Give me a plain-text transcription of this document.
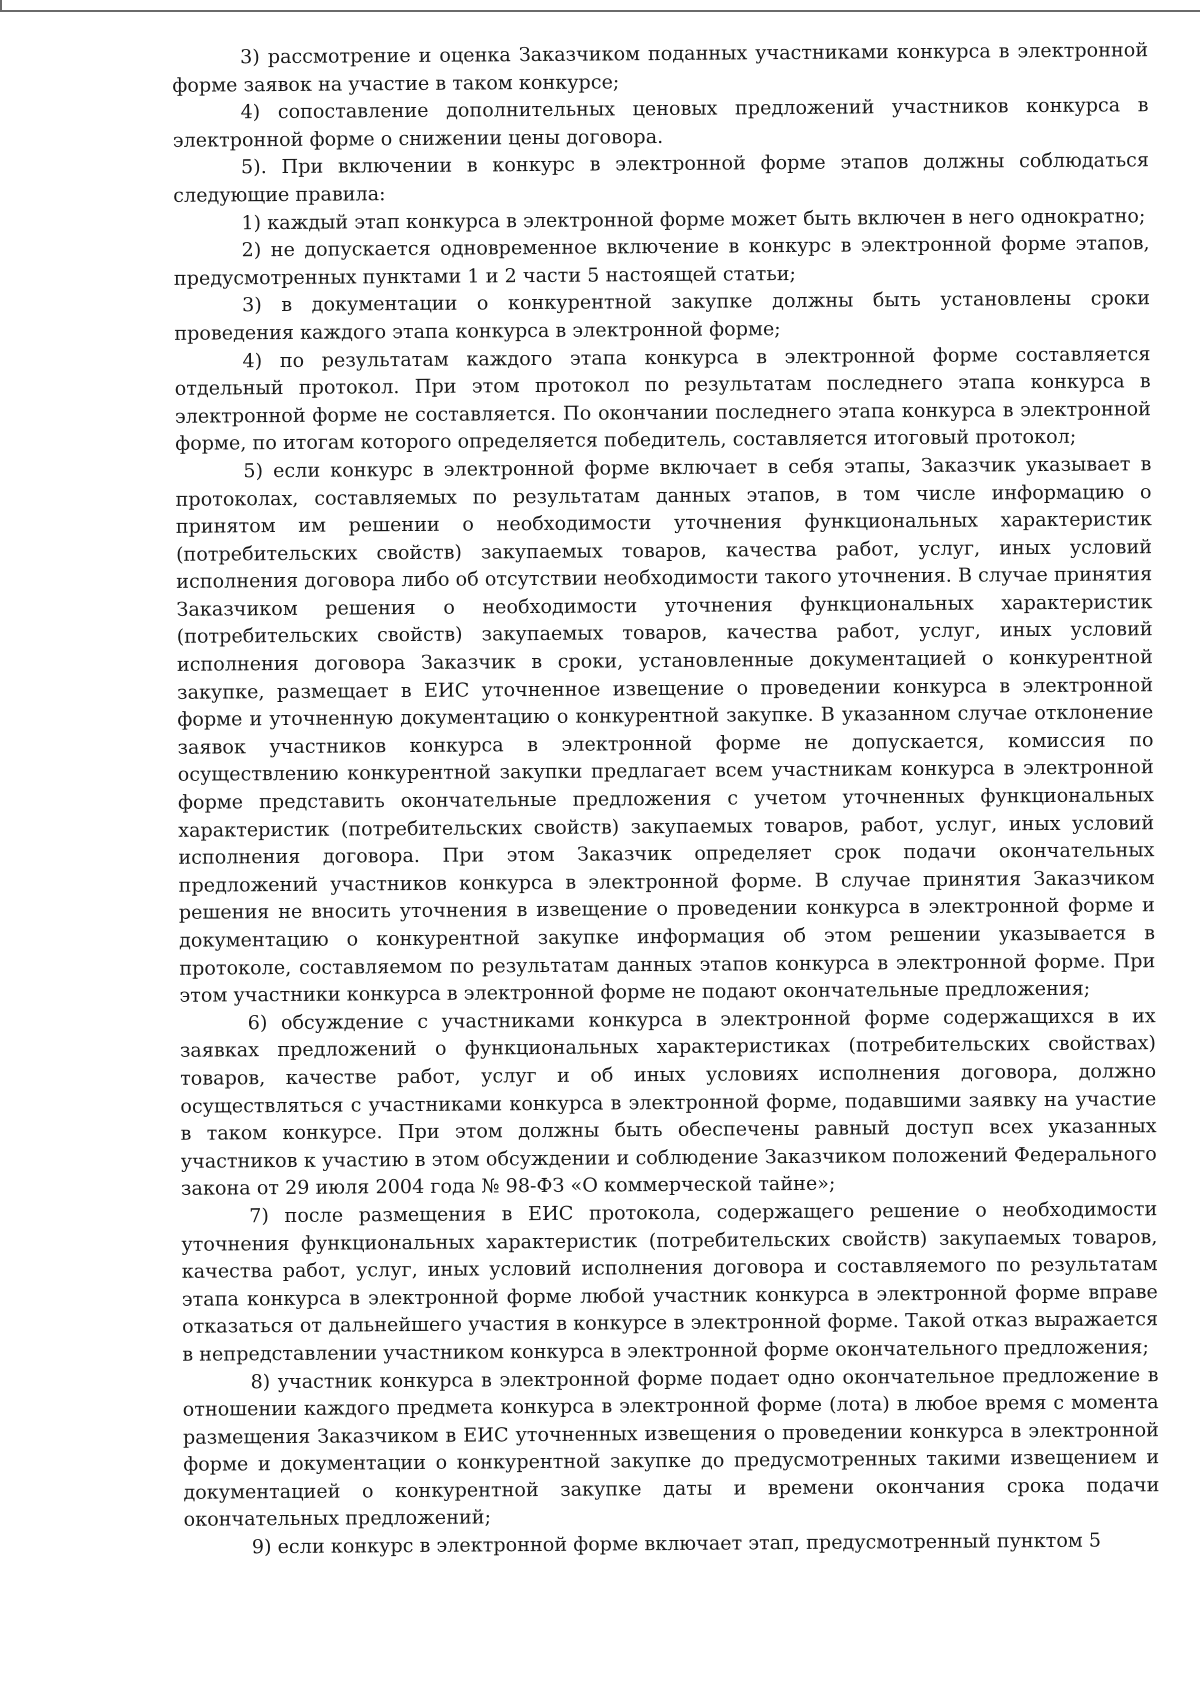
3) рассмотрение и оценка Заказчиком поданных участниками конкурса в электронной форме заявок на участие в таком конкурсе;

4) сопоставление дополнительных ценовых предложений участников конкурса в электронной форме о снижении цены договора.

5). При включении в конкурс в электронной форме этапов должны соблюдаться следующие правила:

1) каждый этап конкурса в электронной форме может быть включен в него однократно;

2) не допускается одновременное включение в конкурс в электронной форме этапов, предусмотренных пунктами 1 и 2 части 5 настоящей статьи;

3) в документации о конкурентной закупке должны быть установлены сроки проведения каждого этапа конкурса в электронной форме;

4) по результатам каждого этапа конкурса в электронной форме составляется отдельный протокол. При этом протокол по результатам последнего этапа конкурса в электронной форме не составляется. По окончании последнего этапа конкурса в электронной форме, по итогам которого определяется победитель, составляется итоговый протокол;

5) если конкурс в электронной форме включает в себя этапы, Заказчик указывает в протоколах, составляемых по результатам данных этапов, в том числе информацию о принятом им решении о необходимости уточнения функциональных характеристик (потребительских свойств) закупаемых товаров, качества работ, услуг, иных условий исполнения договора либо об отсутствии необходимости такого уточнения. В случае принятия Заказчиком решения о необходимости уточнения функциональных характеристик (потребительских свойств) закупаемых товаров, качества работ, услуг, иных условий исполнения договора Заказчик в сроки, установленные документацией о конкурентной закупке, размещает в ЕИС уточненное извещение о проведении конкурса в электронной форме и уточненную документацию о конкурентной закупке. В указанном случае отклонение заявок участников конкурса в электронной форме не допускается, комиссия по осуществлению конкурентной закупки предлагает всем участникам конкурса в электронной форме представить окончательные предложения с учетом уточненных функциональных характеристик (потребительских свойств) закупаемых товаров, работ, услуг, иных условий исполнения договора. При этом Заказчик определяет срок подачи окончательных предложений участников конкурса в электронной форме. В случае принятия Заказчиком решения не вносить уточнения в извещение о проведении конкурса в электронной форме и документацию о конкурентной закупке информация об этом решении указывается в протоколе, составляемом по результатам данных этапов конкурса в электронной форме. При этом участники конкурса в электронной форме не подают окончательные предложения;

6) обсуждение с участниками конкурса в электронной форме содержащихся в их заявках предложений о функциональных характеристиках (потребительских свойствах) товаров, качестве работ, услуг и об иных условиях исполнения договора, должно осуществляться с участниками конкурса в электронной форме, подавшими заявку на участие в таком конкурсе. При этом должны быть обеспечены равный доступ всех указанных участников к участию в этом обсуждении и соблюдение Заказчиком положений Федерального закона от 29 июля 2004 года № 98-ФЗ «О коммерческой тайне»;

7) после размещения в ЕИС протокола, содержащего решение о необходимости уточнения функциональных характеристик (потребительских свойств) закупаемых товаров, качества работ, услуг, иных условий исполнения договора и составляемого по результатам этапа конкурса в электронной форме любой участник конкурса в электронной форме вправе отказаться от дальнейшего участия в конкурсе в электронной форме. Такой отказ выражается в непредставлении участником конкурса в электронной форме окончательного предложения;

8) участник конкурса в электронной форме подает одно окончательное предложение в отношении каждого предмета конкурса в электронной форме (лота) в любое время с момента размещения Заказчиком в ЕИС уточненных извещения о проведении конкурса в электронной форме и документации о конкурентной закупке до предусмотренных такими извещением и документацией о конкурентной закупке даты и времени окончания срока подачи окончательных предложений;

9) если конкурс в электронной форме включает этап, предусмотренный пунктом 5
